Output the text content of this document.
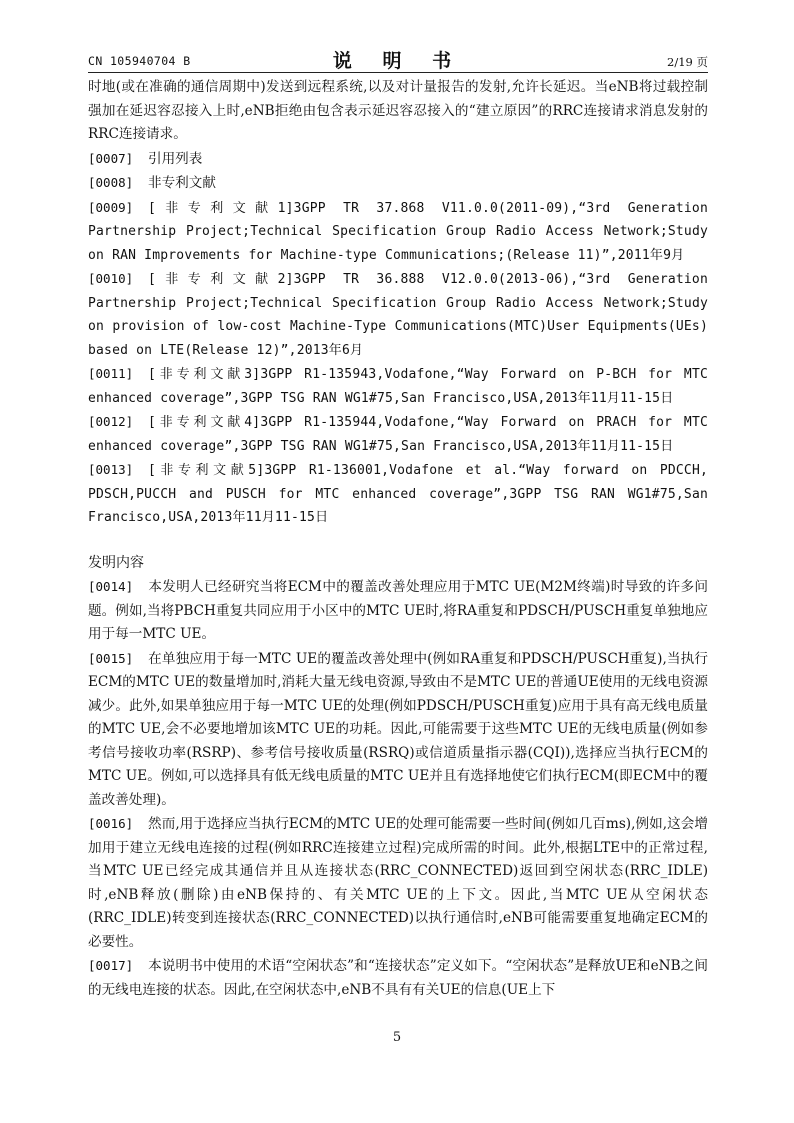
CN 105940704 B	说 明 书	2/19 页

时地(或在准确的通信周期中)发送到远程系统,以及对计量报告的发射,允许长延迟。当eNB将过载控制强加在延迟容忍接入上时,eNB拒绝由包含表示延迟容忍接入的“建立原因”的RRC连接请求消息发射的RRC连接请求。

[0007] 引用列表

[0008] 非专利文献

[0009] [非专利文献1]3GPP TR 37.868 V11.0.0(2011-09),“3rd Generation Partnership Project;Technical Specification Group Radio Access Network;Study on RAN Improvements for Machine-type Communications;(Release 11)”,2011年9月

[0010] [非专利文献2]3GPP TR 36.888 V12.0.0(2013-06),“3rd Generation Partnership Project;Technical Specification Group Radio Access Network;Study on provision of low-cost Machine-Type Communications(MTC)User Equipments(UEs) based on LTE(Release 12)”,2013年6月

[0011] [非专利文献3]3GPP R1-135943,Vodafone,“Way Forward on P-BCH for MTC enhanced coverage”,3GPP TSG RAN WG1#75,San Francisco,USA,2013年11月11-15日

[0012] [非专利文献4]3GPP R1-135944,Vodafone,“Way Forward on PRACH for MTC enhanced coverage”,3GPP TSG RAN WG1#75,San Francisco,USA,2013年11月11-15日

[0013] [非专利文献5]3GPP R1-136001,Vodafone et al.“Way forward on PDCCH, PDSCH,PUCCH and PUSCH for MTC enhanced coverage”,3GPP TSG RAN WG1#75,San Francisco,USA,2013年11月11-15日

发明内容

[0014] 本发明人已经研究当将ECM中的覆盖改善处理应用于MTC UE(M2M终端)时导致的许多问题。例如,当将PBCH重复共同应用于小区中的MTC UE时,将RA重复和PDSCH/PUSCH重复单独地应用于每一MTC UE。

[0015] 在单独应用于每一MTC UE的覆盖改善处理中(例如RA重复和PDSCH/PUSCH重复),当执行ECM的MTC UE的数量增加时,消耗大量无线电资源,导致由不是MTC UE的普通UE使用的无线电资源减少。此外,如果单独应用于每一MTC UE的处理(例如PDSCH/PUSCH重复)应用于具有高无线电质量的MTC UE,会不必要地增加该MTC UE的功耗。因此,可能需要于这些MTC UE的无线电质量(例如参考信号接收功率(RSRP)、参考信号接收质量(RSRQ)或信道质量指示器(CQI)),选择应当执行ECM的MTC UE。例如,可以选择具有低无线电质量的MTC UE并且有选择地使它们执行ECM(即ECM中的覆盖改善处理)。

[0016] 然而,用于选择应当执行ECM的MTC UE的处理可能需要一些时间(例如几百ms),例如,这会增加用于建立无线电连接的过程(例如RRC连接建立过程)完成所需的时间。此外,根据LTE中的正常过程,当MTC UE已经完成其通信并且从连接状态(RRC_CONNECTED)返回到空闲状态(RRC_IDLE)时,eNB释放(删除)由eNB保持的、有关MTC UE的上下文。因此,当MTC UE从空闲状态(RRC_IDLE)转变到连接状态(RRC_CONNECTED)以执行通信时,eNB可能需要重复地确定ECM的必要性。

[0017] 本说明书中使用的术语“空闲状态”和“连接状态”定义如下。“空闲状态”是释放UE和eNB之间的无线电连接的状态。因此,在空闲状态中,eNB不具有有关UE的信息(UE上下

5
